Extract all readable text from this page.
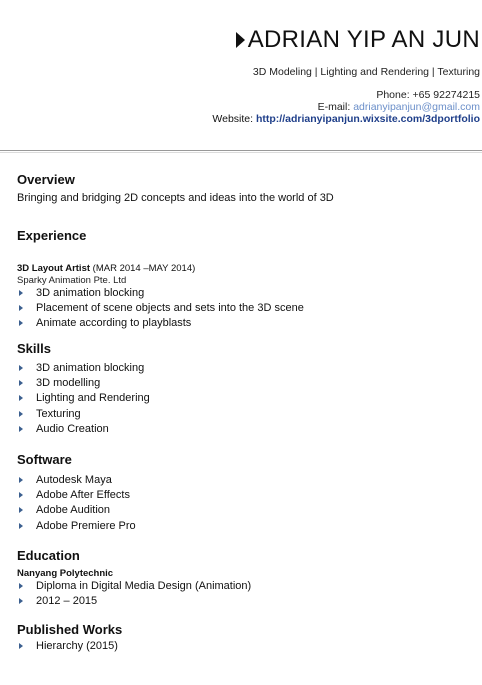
ADRIAN YIP AN JUN
3D Modeling | Lighting and Rendering | Texturing
Phone: +65 92274215
E-mail: adrianyipanjun@gmail.com
Website: http://adrianyipanjun.wixsite.com/3dportfolio
Overview

Bringing and bridging 2D concepts and ideas into the world of 3D

Experience

3D Layout Artist (MAR 2014 –MAY 2014)

Sparky Animation Pte. Ltd

3D animation blocking
Placement of scene objects and sets into the 3D scene
Animate according to playblasts
Skills
3D animation blocking
3D modelling
Lighting and Rendering
Texturing
Audio Creation
Software
Autodesk Maya
Adobe After Effects
Adobe Audition
Adobe Premiere Pro
Education

Nanyang Polytechnic

Diploma in Digital Media Design (Animation)
2012 – 2015
Published Works
Hierarchy (2015)
